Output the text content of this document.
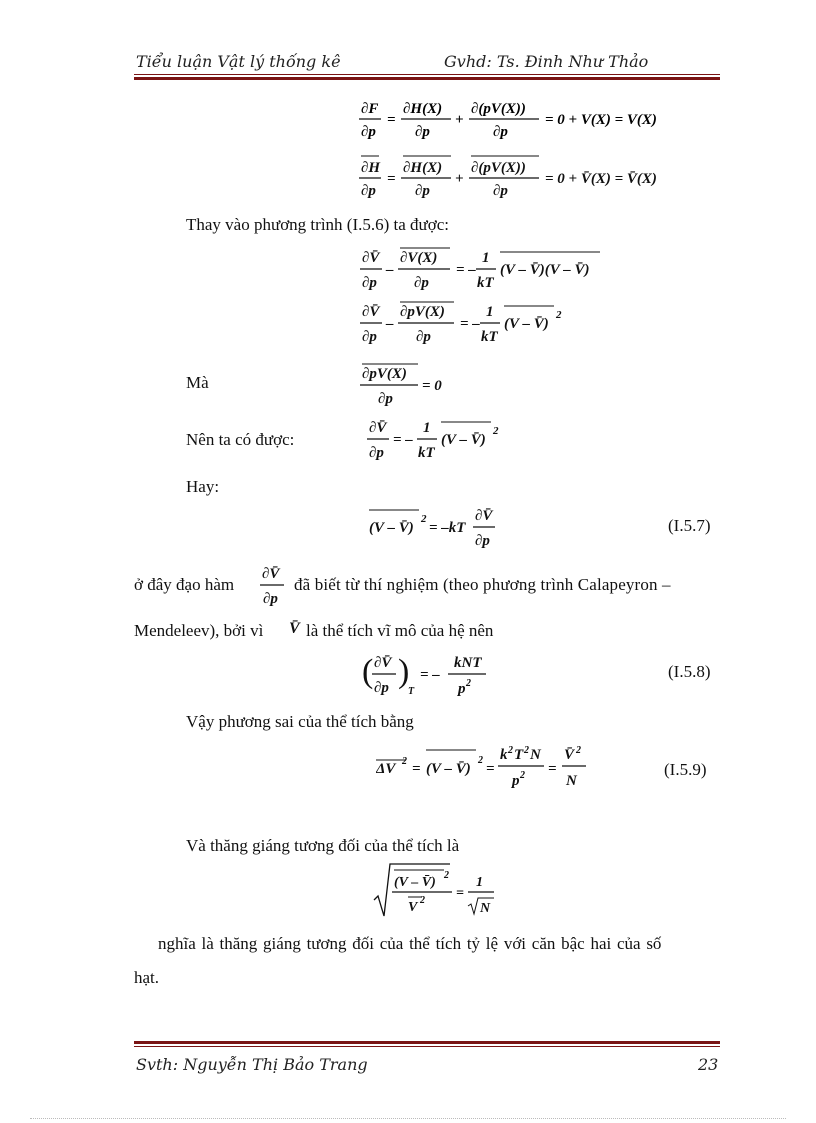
Tiểu luận Vật lý thống kê	Gvhd: Ts. Đinh Như Thảo
∂F
∂p
=
∂H(X)
∂p
+
∂(pV(X))
∂p
= 0 + V(X) = V(X)
∂H
∂p
=
∂H(X)
∂p
+
∂(pV(X))
∂p
= 0 + V̄(X) = V̄(X)
Thay vào phương trình (I.5.6) ta được:
∂V̄
∂p
–
∂V(X)
∂p
= –
1
kT
(V – V̄)(V – V̄)
∂V̄
∂p
–
∂pV(X)
∂p
= –
1
kT
(V – V̄)
2
Mà	∂pV(X)
∂p
= 0
Nên ta có được:
∂V̄
∂p
= –
1
kT
(V – V̄)
2
Hay:
(V – V̄)
2
= –kT
∂V̄
∂p
(I.5.7)
ở đây đạo hàm
∂V̄
∂p
đã biết từ thí nghiệm (theo phương trình Calapeyron –
Mendeleev), bởi vì V̄ là thể tích vĩ mô của hệ nên
( ∂V̄
∂p )
T
= –
kNT
p 2
(I.5.8)
Vậy phương sai của thể tích bằng
ΔV 2 = (V – V̄)
2
=
k 2 T 2 N
p 2 =
V̄ 2
N
(I.5.9)
Và thăng giáng tương đối của thể tích là
(V – V̄) 2
V 2 =
1
N
nghĩa là thăng giáng tương đối của thể tích tỷ lệ với căn bậc hai của số
hạt.
Svth: Nguyễn Thị Bảo Trang	23
